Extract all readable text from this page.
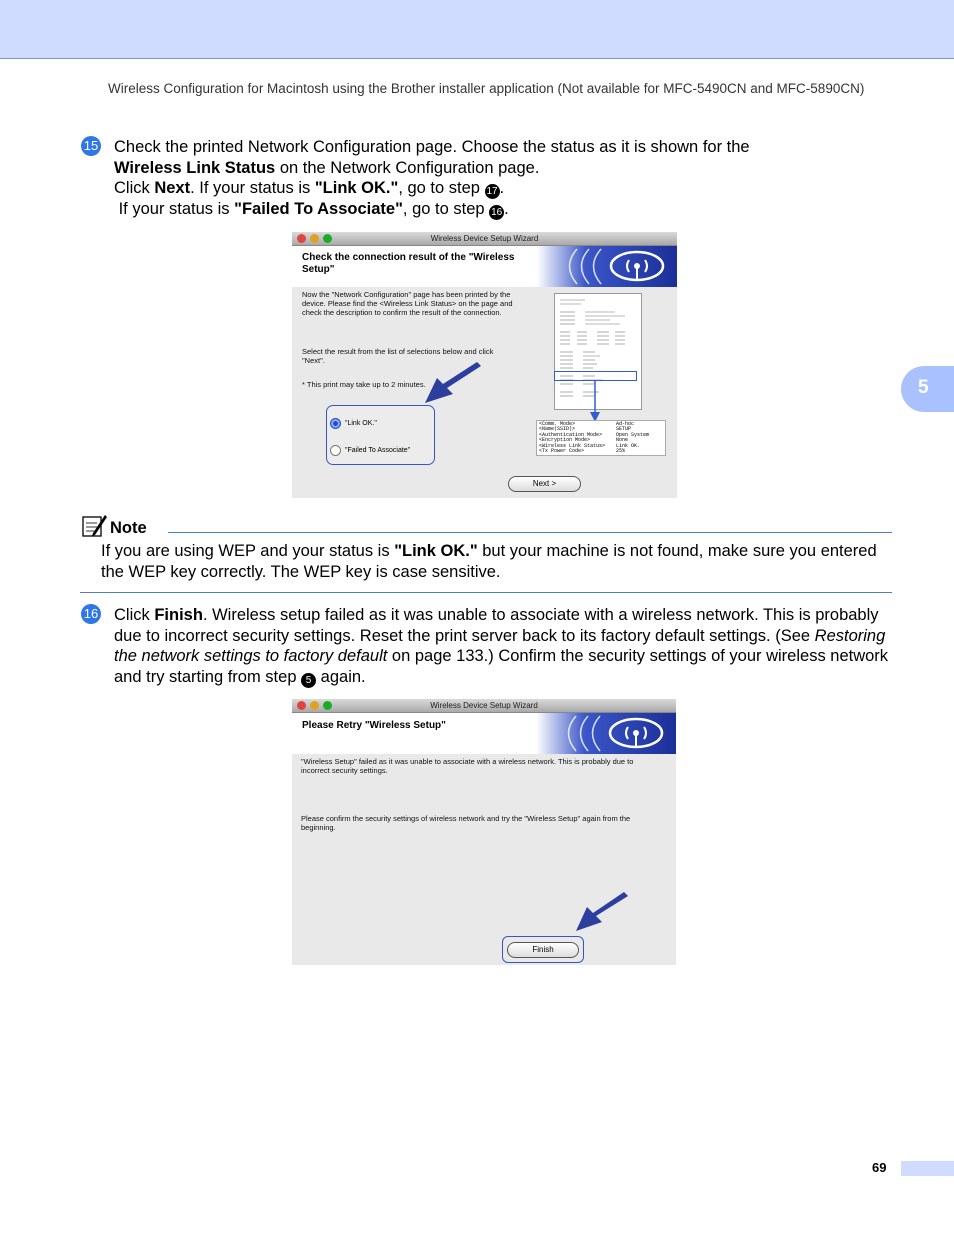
Wireless Configuration for Macintosh using the Brother installer application (Not available for MFC-5490CN and MFC-5890CN)
5
15 Check the printed Network Configuration page. Choose the status as it is shown for the
Wireless Link Status on the Network Configuration page.
Click Next. If your status is "Link OK.", go to step 17 .
If your status is "Failed To Associate", go to step 16 .
Wireless Device Setup Wizard
Check the connection result of the "Wireless Setup"
Now the "Network Configuration" page has been printed by the device. Please find the <Wireless Link Status> on the page and check the description to confirm the result of the connection.
Select the result from the list of selections below and click "Next".
* This print may take up to 2 minutes.
<Comm. Mode>
<Name(SSID)>
<Authentication Mode>
<Encryption Mode>
<Wireless Link Status>
<Tx Power Code>
Ad-hoc
SETUP
Open System
None
Link OK.
25%
"Link OK."
"Failed To Associate"
Next >
Note
If you are using WEP and your status is "Link OK." but your machine is not found, make sure you entered the WEP key correctly. The WEP key is case sensitive.
16 Click Finish. Wireless setup failed as it was unable to associate with a wireless network. This is probably due to incorrect security settings. Reset the print server back to its factory default settings. (See Restoring the network settings to factory default on page 133.) Confirm the security settings of your wireless network and try starting from step 5 again.
Wireless Device Setup Wizard
Please Retry "Wireless Setup"
"Wireless Setup" failed as it was unable to associate with a wireless network. This is probably due to incorrect security settings.
Please confirm the security settings of wireless network and try the "Wireless Setup" again from the beginning.
Finish
69
